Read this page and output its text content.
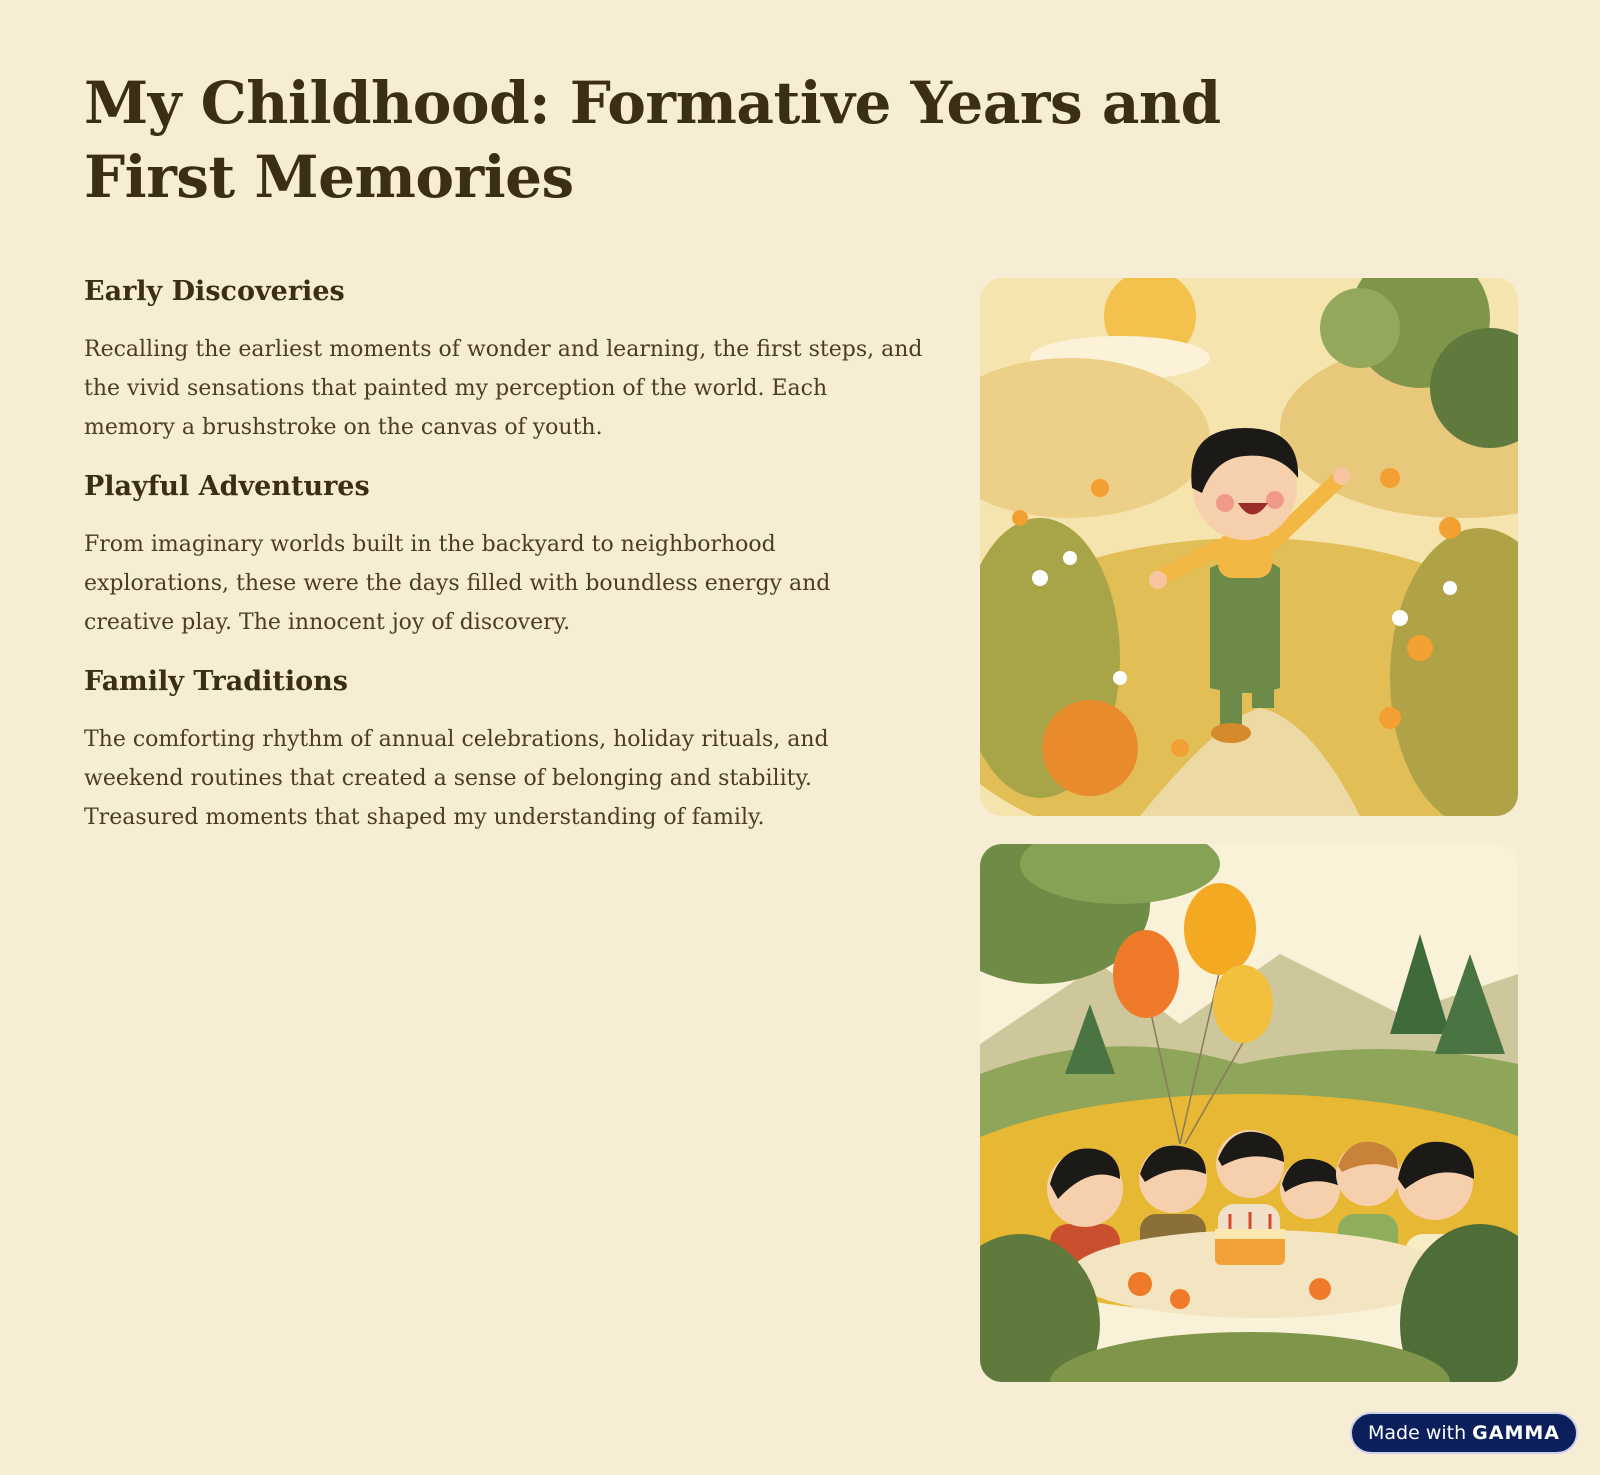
My Childhood: Formative Years and First Memories
Early Discoveries

Recalling the earliest moments of wonder and learning, the first steps, and the vivid sensations that painted my perception of the world. Each memory a brushstroke on the canvas of youth.

Playful Adventures

From imaginary worlds built in the backyard to neighborhood explorations, these were the days filled with boundless energy and creative play. The innocent joy of discovery.

Family Traditions

The comforting rhythm of annual celebrations, holiday rituals, and weekend routines that created a sense of belonging and stability. Treasured moments that shaped my understanding of family.

Made with GAMMA
